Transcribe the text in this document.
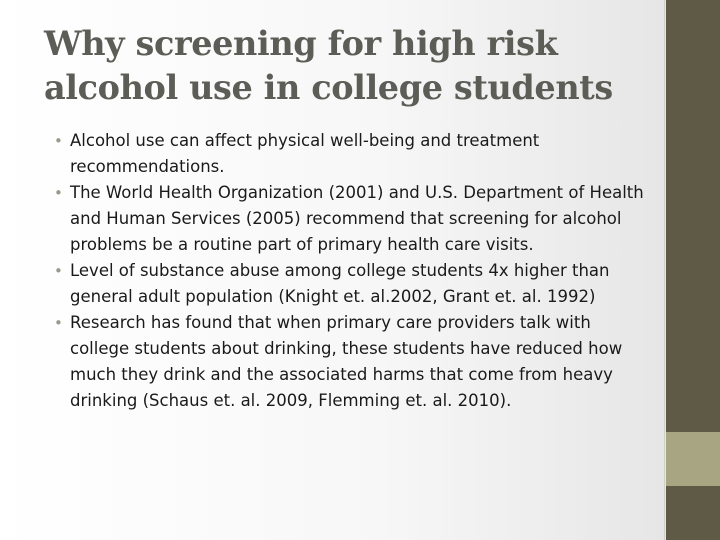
Why screening for high risk alcohol use in college students
• Alcohol use can affect physical well-being and treatment recommendations.
• The World Health Organization (2001) and U.S. Department of Health and Human Services (2005) recommend that screening for alcohol problems be a routine part of primary health care visits.
• Level of substance abuse among college students 4x higher than general adult population (Knight et. al.2002, Grant et. al. 1992)
• Research has found that when primary care providers talk with college students about drinking, these students have reduced how much they drink and the associated harms that come from heavy drinking (Schaus et. al. 2009, Flemming et. al. 2010).
